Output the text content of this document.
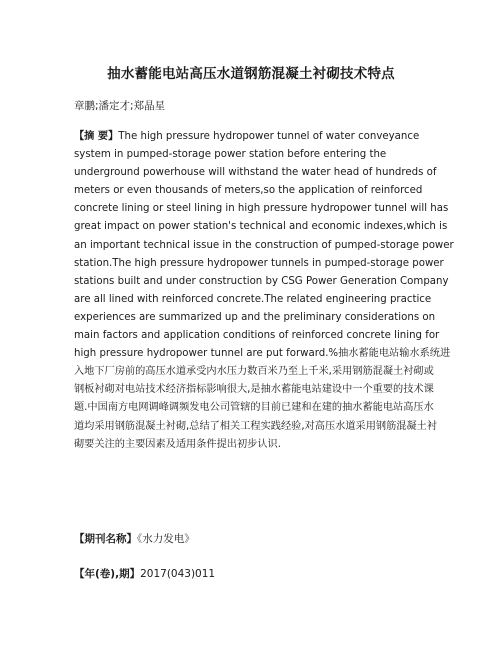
抽水蓄能电站高压水道钢筋混凝土衬砌技术特点
章鹏;潘定才;郑晶星
【摘 要】The high pressure hydropower tunnel of water conveyance
system in pumped-storage power station before entering the
underground powerhouse will withstand the water head of hundreds of
meters or even thousands of meters,so the application of reinforced
concrete lining or steel lining in high pressure hydropower tunnel will has
great impact on power station's technical and economic indexes,which is
an important technical issue in the construction of pumped-storage power
station.The high pressure hydropower tunnels in pumped-storage power
stations built and under construction by CSG Power Generation Company
are all lined with reinforced concrete.The related engineering practice
experiences are summarized up and the preliminary considerations on
main factors and application conditions of reinforced concrete lining for
high pressure hydropower tunnel are put forward.%抽水蓄能电站输水系统进
入地下厂房前的高压水道承受内水压力数百米乃至上千米,采用钢筋混凝土衬砌或
钢板衬砌对电站技术经济指标影响很大,是抽水蓄能电站建设中一个重要的技术课
题.中国南方电网调峰调频发电公司管辖的目前已建和在建的抽水蓄能电站高压水
道均采用钢筋混凝土衬砌,总结了相关工程实践经验,对高压水道采用钢筋混凝土衬
砌要关注的主要因素及适用条件提出初步认识.
【期刊名称】《水力发电》
【年(卷),期】2017(043)011
